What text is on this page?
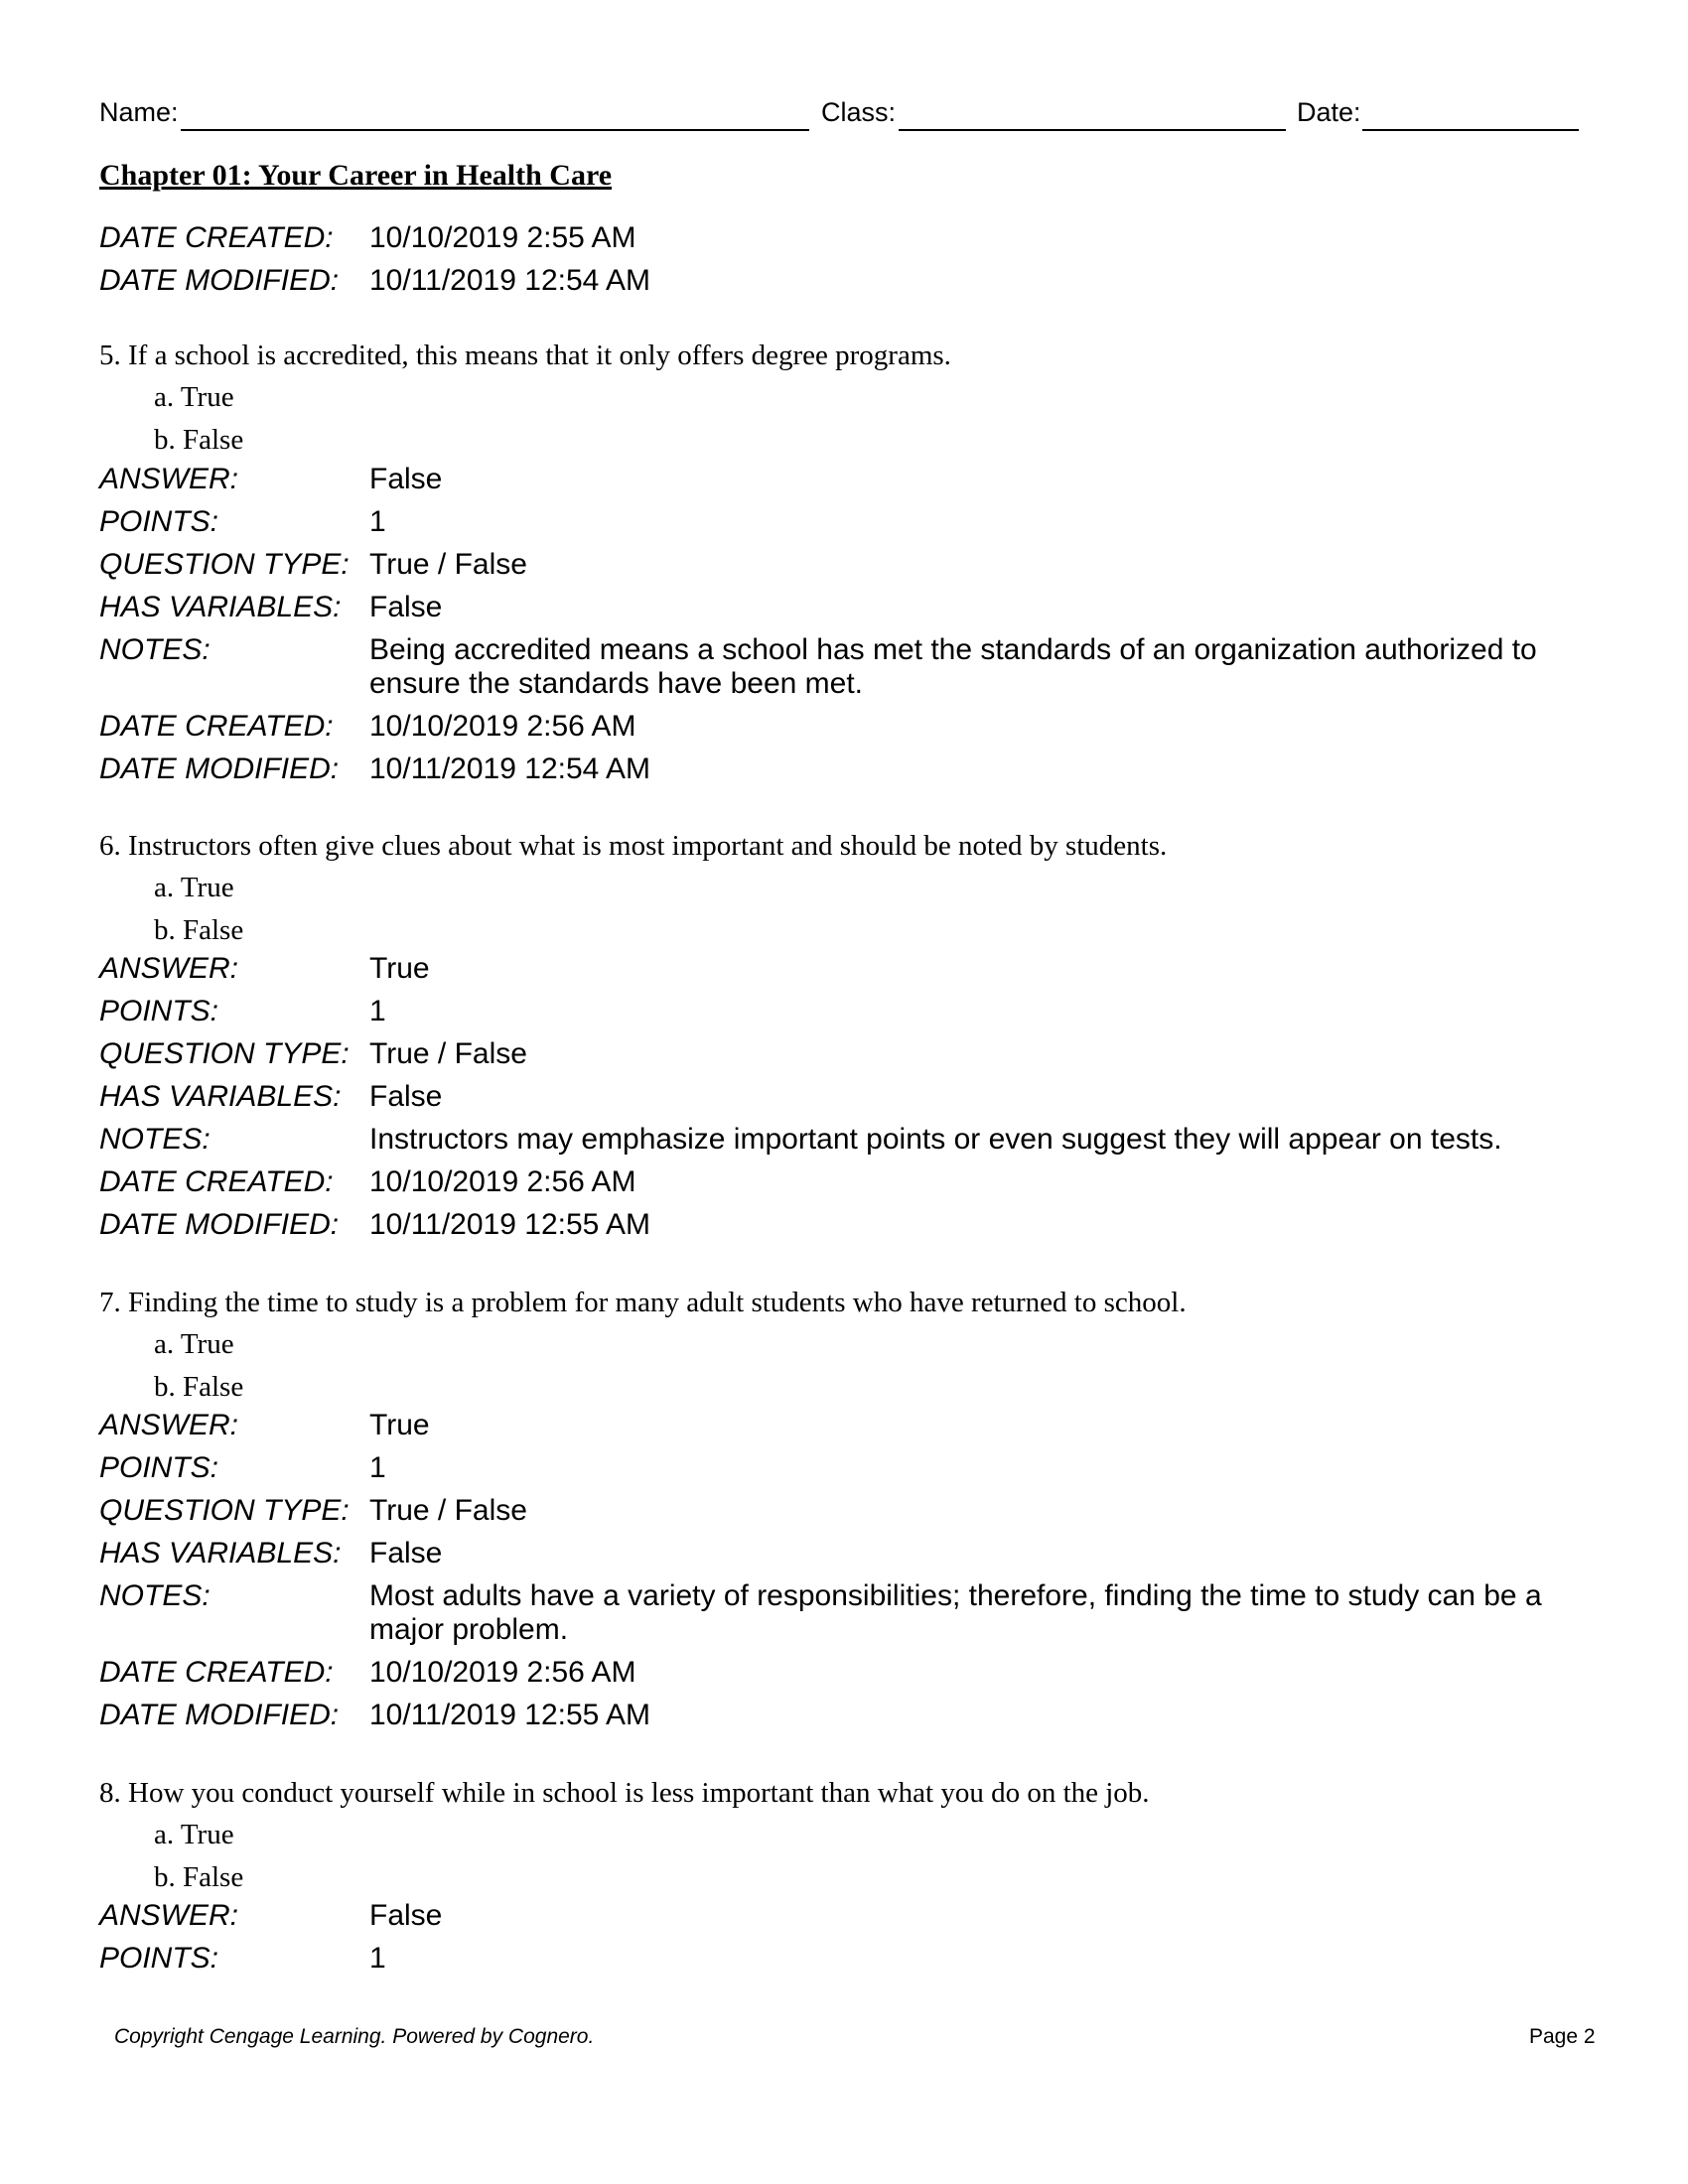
Name:	Class:	Date:
Chapter 01: Your Career in Health Care
DATE CREATED:	10/10/2019 2:55 AM
DATE MODIFIED:	10/11/2019 12:54 AM
5. If a school is accredited, this means that it only offers degree programs.
a. True
b. False
ANSWER:	False
POINTS:	1
QUESTION TYPE: True / False
HAS VARIABLES: False
NOTES:	Being accredited means a school has met the standards of an organization authorized to ensure the standards have been met.
DATE CREATED:	10/10/2019 2:56 AM
DATE MODIFIED:	10/11/2019 12:54 AM
6. Instructors often give clues about what is most important and should be noted by students.
a. True
b. False
ANSWER:	True
POINTS:	1
QUESTION TYPE: True / False
HAS VARIABLES: False
NOTES:	Instructors may emphasize important points or even suggest they will appear on tests.
DATE CREATED:	10/10/2019 2:56 AM
DATE MODIFIED:	10/11/2019 12:55 AM
7. Finding the time to study is a problem for many adult students who have returned to school.
a. True
b. False
ANSWER:	True
POINTS:	1
QUESTION TYPE: True / False
HAS VARIABLES: False
NOTES:	Most adults have a variety of responsibilities; therefore, finding the time to study can be a major problem.
DATE CREATED:	10/10/2019 2:56 AM
DATE MODIFIED:	10/11/2019 12:55 AM
8. How you conduct yourself while in school is less important than what you do on the job.
a. True
b. False
ANSWER:	False
POINTS:	1
Copyright Cengage Learning. Powered by Cognero.	Page 2
